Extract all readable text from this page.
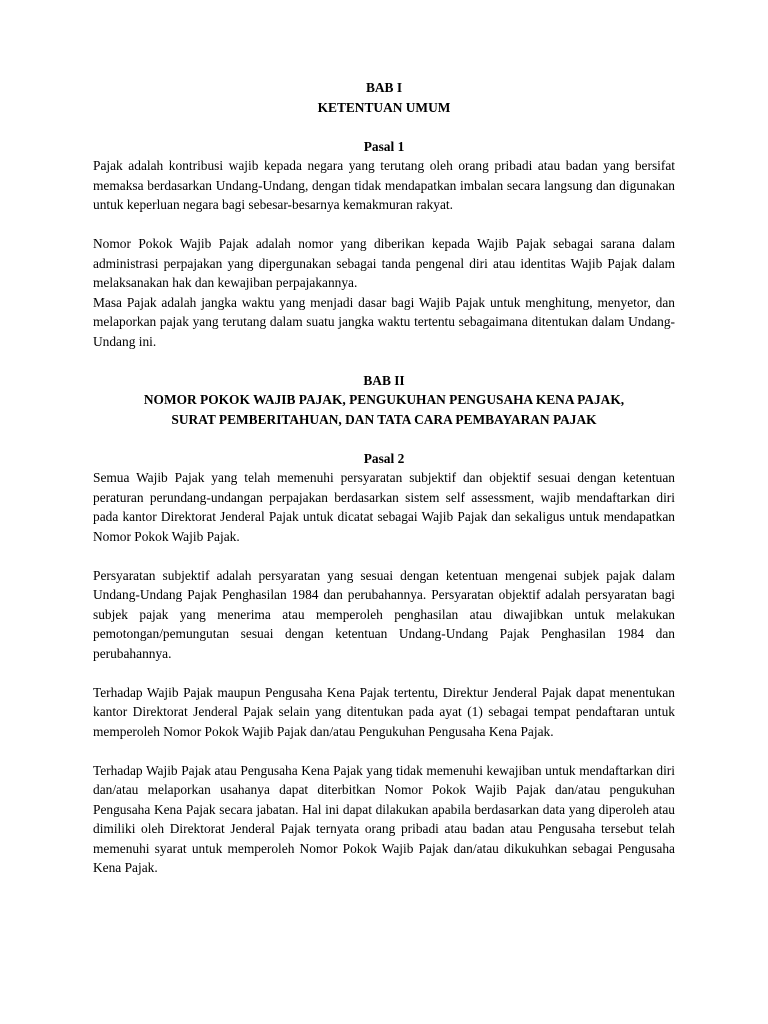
BAB I

KETENTUAN UMUM

Pasal 1

Pajak adalah kontribusi wajib kepada negara yang terutang oleh orang pribadi atau badan yang bersifat memaksa berdasarkan Undang-Undang, dengan tidak mendapatkan imbalan secara langsung dan digunakan untuk keperluan negara bagi sebesar-besarnya kemakmuran rakyat.

Nomor Pokok Wajib Pajak adalah nomor yang diberikan kepada Wajib Pajak sebagai sarana dalam administrasi perpajakan yang dipergunakan sebagai tanda pengenal diri atau identitas Wajib Pajak dalam melaksanakan hak dan kewajiban perpajakannya.

Masa Pajak adalah jangka waktu yang menjadi dasar bagi Wajib Pajak untuk menghitung, menyetor, dan melaporkan pajak yang terutang dalam suatu jangka waktu tertentu sebagaimana ditentukan dalam Undang-Undang ini.

BAB II

NOMOR POKOK WAJIB PAJAK, PENGUKUHAN PENGUSAHA KENA PAJAK,

SURAT PEMBERITAHUAN, DAN TATA CARA PEMBAYARAN PAJAK

Pasal 2

Semua Wajib Pajak yang telah memenuhi persyaratan subjektif dan objektif sesuai dengan ketentuan peraturan perundang-undangan perpajakan berdasarkan sistem self assessment, wajib mendaftarkan diri pada kantor Direktorat Jenderal Pajak untuk dicatat sebagai Wajib Pajak dan sekaligus untuk mendapatkan Nomor Pokok Wajib Pajak.

Persyaratan subjektif adalah persyaratan yang sesuai dengan ketentuan mengenai subjek pajak dalam Undang-Undang Pajak Penghasilan 1984 dan perubahannya. Persyaratan objektif adalah persyaratan bagi subjek pajak yang menerima atau memperoleh penghasilan atau diwajibkan untuk melakukan pemotongan/pemungutan sesuai dengan ketentuan Undang-Undang Pajak Penghasilan 1984 dan perubahannya.

Terhadap Wajib Pajak maupun Pengusaha Kena Pajak tertentu, Direktur Jenderal Pajak dapat menentukan kantor Direktorat Jenderal Pajak selain yang ditentukan pada ayat (1) sebagai tempat pendaftaran untuk memperoleh Nomor Pokok Wajib Pajak dan/atau Pengukuhan Pengusaha Kena Pajak.

Terhadap Wajib Pajak atau Pengusaha Kena Pajak yang tidak memenuhi kewajiban untuk mendaftarkan diri dan/atau melaporkan usahanya dapat diterbitkan Nomor Pokok Wajib Pajak dan/atau pengukuhan Pengusaha Kena Pajak secara jabatan. Hal ini dapat dilakukan apabila berdasarkan data yang diperoleh atau dimiliki oleh Direktorat Jenderal Pajak ternyata orang pribadi atau badan atau Pengusaha tersebut telah memenuhi syarat untuk memperoleh Nomor Pokok Wajib Pajak dan/atau dikukuhkan sebagai Pengusaha Kena Pajak.
